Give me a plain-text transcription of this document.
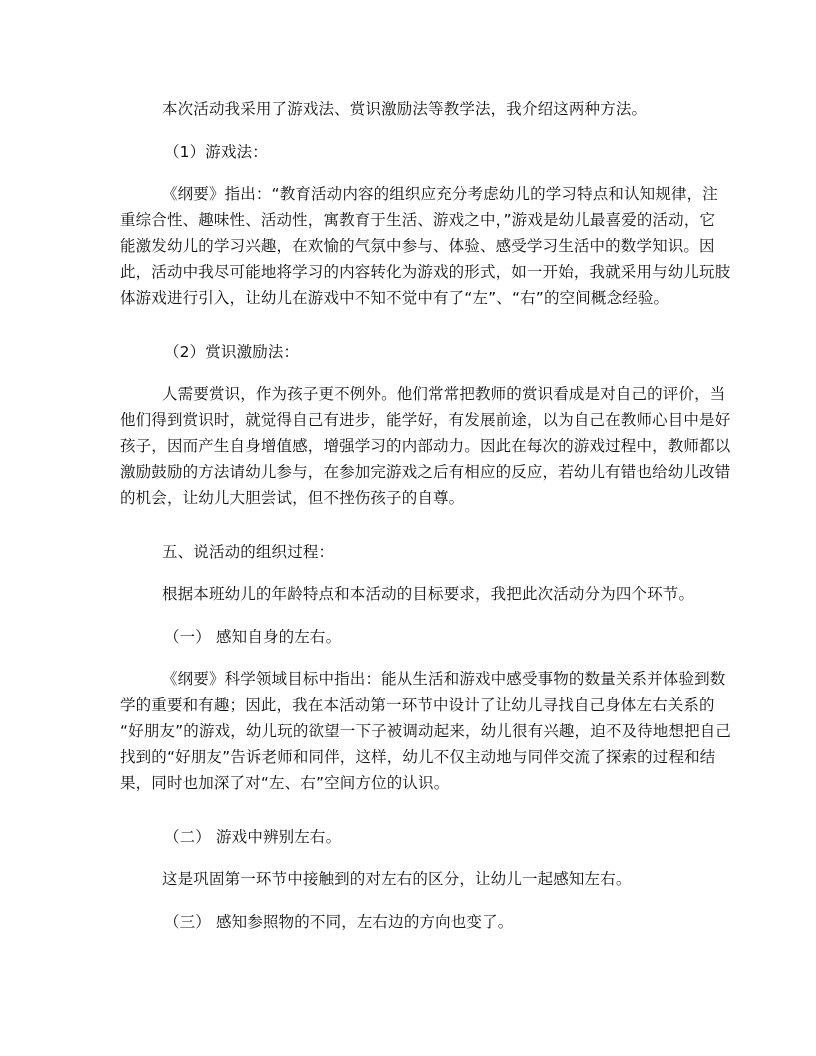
本次活动我采用了游戏法、赏识激励法等教学法，我介绍这两种方法。
（1）游戏法：
《纲要》指出：“教育活动内容的组织应充分考虑幼儿的学习特点和认知规律，注
重综合性、趣味性、活动性，寓教育于生活、游戏之中，”游戏是幼儿最喜爱的活动，它
能激发幼儿的学习兴趣，在欢愉的气氛中参与、体验、感受学习生活中的数学知识。因
此，活动中我尽可能地将学习的内容转化为游戏的形式，如一开始，我就采用与幼儿玩肢
体游戏进行引入，让幼儿在游戏中不知不觉中有了“左”、“右”的空间概念经验。
（2）赏识激励法：
人需要赏识，作为孩子更不例外。他们常常把教师的赏识看成是对自己的评价，当
他们得到赏识时，就觉得自己有进步，能学好，有发展前途，以为自己在教师心目中是好
孩子，因而产生自身增值感，增强学习的内部动力。因此在每次的游戏过程中，教师都以
激励鼓励的方法请幼儿参与，在参加完游戏之后有相应的反应，若幼儿有错也给幼儿改错
的机会，让幼儿大胆尝试，但不挫伤孩子的自尊。
五、说活动的组织过程：
根据本班幼儿的年龄特点和本活动的目标要求，我把此次活动分为四个环节。
（一） 感知自身的左右。
《纲要》科学领域目标中指出：能从生活和游戏中感受事物的数量关系并体验到数
学的重要和有趣；因此，我在本活动第一环节中设计了让幼儿寻找自己身体左右关系的
“好朋友”的游戏，幼儿玩的欲望一下子被调动起来，幼儿很有兴趣，迫不及待地想把自己
找到的“好朋友”告诉老师和同伴，这样，幼儿不仅主动地与同伴交流了探索的过程和结
果，同时也加深了对“左、右”空间方位的认识。
（二） 游戏中辨别左右。
这是巩固第一环节中接触到的对左右的区分，让幼儿一起感知左右。
（三） 感知参照物的不同，左右边的方向也变了。
